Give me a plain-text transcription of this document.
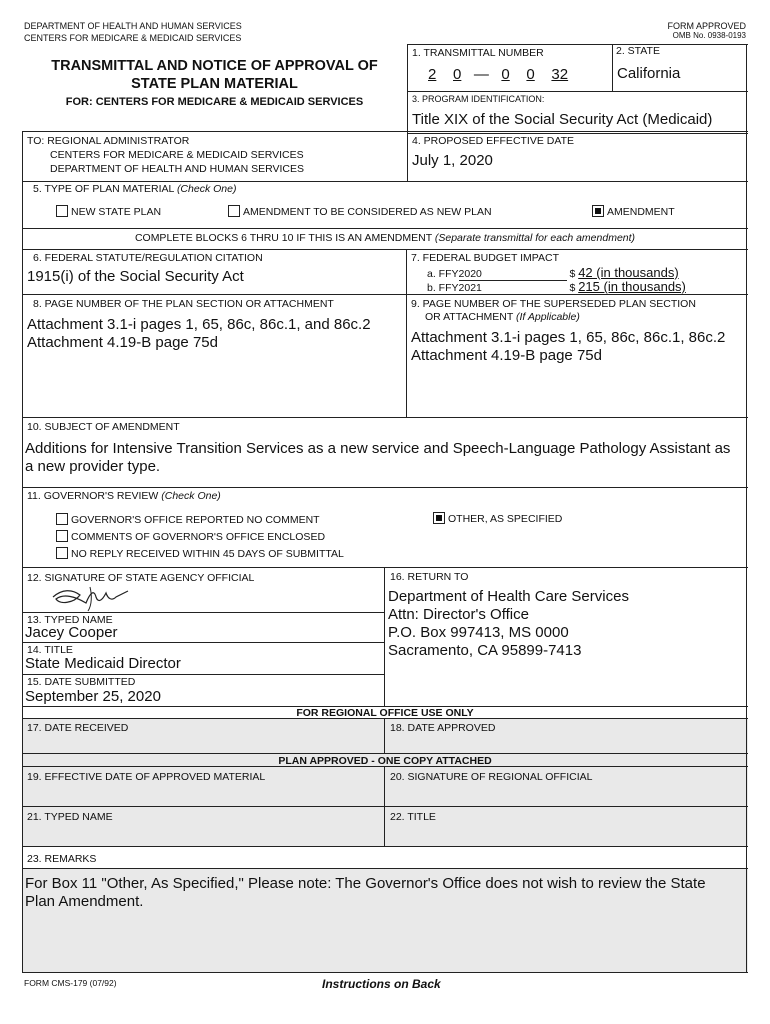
DEPARTMENT OF HEALTH AND HUMAN SERVICES
CENTERS FOR MEDICARE & MEDICAID SERVICES
FORM APPROVED
OMB No. 0938-0193
TRANSMITTAL AND NOTICE OF APPROVAL OF
STATE PLAN MATERIAL
FOR: CENTERS FOR MEDICARE & MEDICAID SERVICES
1. TRANSMITTAL NUMBER
2 0 — 0 0 32
2. STATE
California
3. PROGRAM IDENTIFICATION:
Title XIX of the Social Security Act (Medicaid)
TO: REGIONAL ADMINISTRATOR
CENTERS FOR MEDICARE & MEDICAID SERVICES
DEPARTMENT OF HEALTH AND HUMAN SERVICES
4. PROPOSED EFFECTIVE DATE
July 1, 2020
5. TYPE OF PLAN MATERIAL (Check One)
NEW STATE PLAN	AMENDMENT TO BE CONSIDERED AS NEW PLAN	AMENDMENT
COMPLETE BLOCKS 6 THRU 10 IF THIS IS AN AMENDMENT (Separate transmittal for each amendment)
6. FEDERAL STATUTE/REGULATION CITATION
1915(i) of the Social Security Act
7. FEDERAL BUDGET IMPACT
a. FFY2020	$ 42 (in thousands)
b. FFY2021	$ 215 (in thousands)
8. PAGE NUMBER OF THE PLAN SECTION OR ATTACHMENT
Attachment 3.1-i pages 1, 65, 86c, 86c.1, and 86c.2
Attachment 4.19-B page 75d
9. PAGE NUMBER OF THE SUPERSEDED PLAN SECTION
OR ATTACHMENT (If Applicable)
Attachment 3.1-i pages 1, 65, 86c, 86c.1, 86c.2
Attachment 4.19-B page 75d
10. SUBJECT OF AMENDMENT
Additions for Intensive Transition Services as a new service and Speech-Language Pathology Assistant as
a new provider type.
11. GOVERNOR'S REVIEW (Check One)
GOVERNOR'S OFFICE REPORTED NO COMMENT
COMMENTS OF GOVERNOR'S OFFICE ENCLOSED
NO REPLY RECEIVED WITHIN 45 DAYS OF SUBMITTAL
OTHER, AS SPECIFIED
12. SIGNATURE OF STATE AGENCY OFFICIAL
13. TYPED NAME
Jacey Cooper
14. TITLE
State Medicaid Director
15. DATE SUBMITTED
September 25, 2020
16. RETURN TO
Department of Health Care Services
Attn: Director's Office
P.O. Box 997413, MS 0000
Sacramento, CA 95899-7413
FOR REGIONAL OFFICE USE ONLY
17. DATE RECEIVED	18. DATE APPROVED
PLAN APPROVED - ONE COPY ATTACHED
19. EFFECTIVE DATE OF APPROVED MATERIAL	20. SIGNATURE OF REGIONAL OFFICIAL
21. TYPED NAME	22. TITLE
23. REMARKS
For Box 11 "Other, As Specified," Please note: The Governor's Office does not wish to review the State
Plan Amendment.
FORM CMS-179 (07/92)	Instructions on Back
